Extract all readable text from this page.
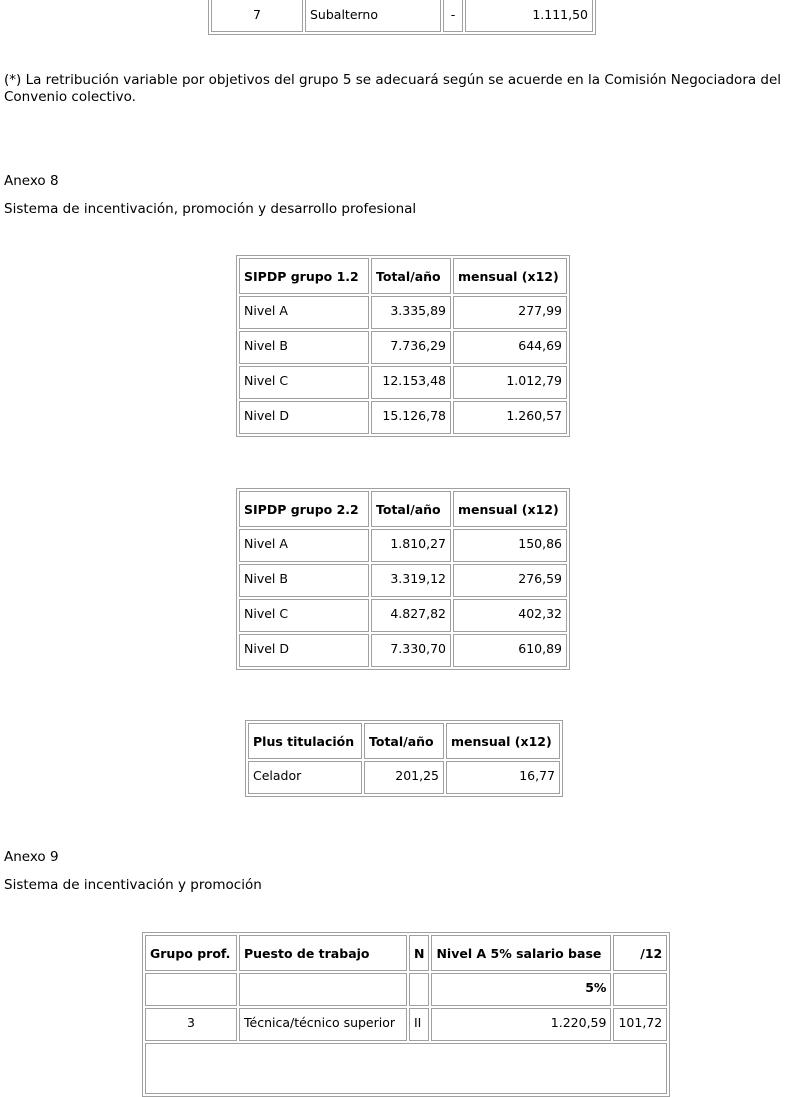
7	Subalterno	-	1.111,50

(*) La retribución variable por objetivos del grupo 5 se adecuará según se acuerde en la Comisión Negociadora del Convenio colectivo.

Anexo 8

Sistema de incentivación, promoción y desarrollo profesional

SIPDP grupo 1.2	Total/año	mensual (x12)
Nivel A	3.335,89	277,99
Nivel B	7.736,29	644,69
Nivel C	12.153,48	1.012,79
Nivel D	15.126,78	1.260,57
SIPDP grupo 2.2	Total/año	mensual (x12)
Nivel A	1.810,27	150,86
Nivel B	3.319,12	276,59
Nivel C	4.827,82	402,32
Nivel D	7.330,70	610,89
Plus titulación	Total/año	mensual (x12)
Celador	201,25	16,77

Anexo 9

Sistema de incentivación y promoción

Grupo prof.	Puesto de trabajo	N	Nivel A 5% salario base	/12
			5%	
3	Técnica/técnico superior	II	1.220,59	101,72
